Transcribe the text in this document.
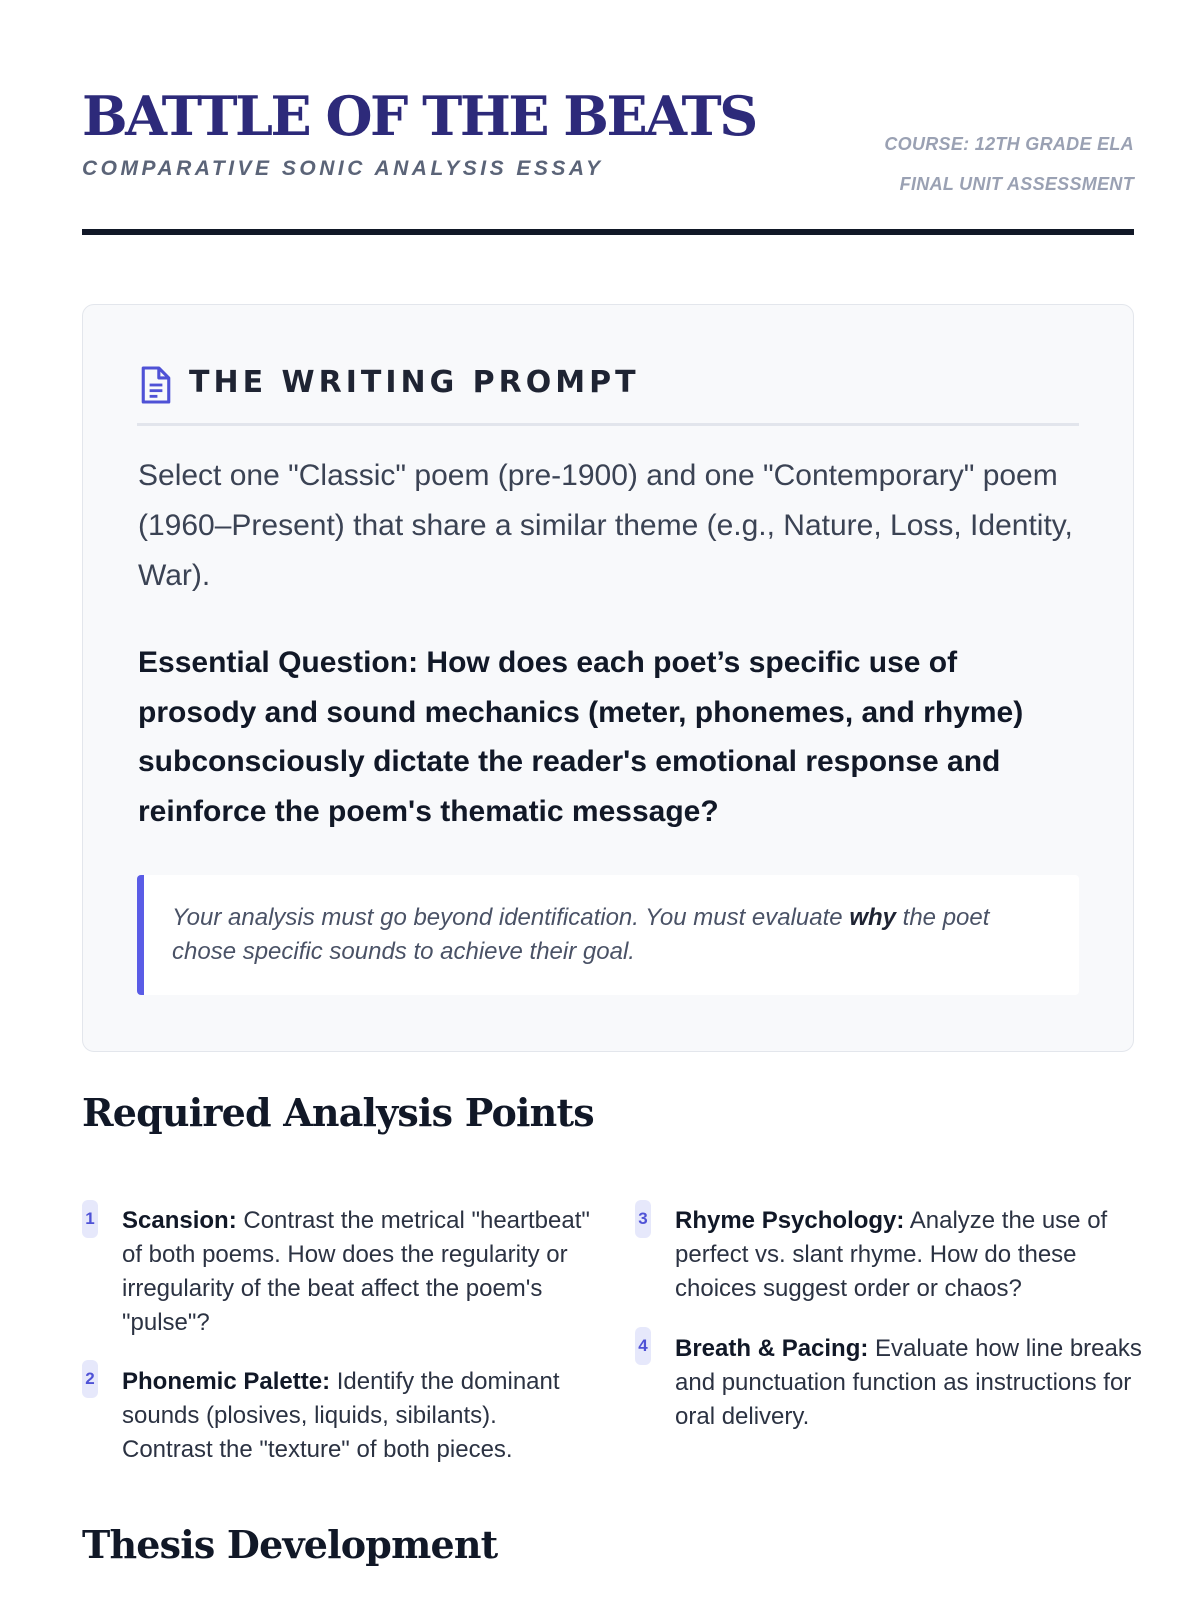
BATTLE OF THE BEATS
COMPARATIVE SONIC ANALYSIS ESSAY
COURSE: 12TH GRADE ELA
FINAL UNIT ASSESSMENT
THE WRITING PROMPT
Select one "Classic" poem (pre-1900) and one "Contemporary" poem (1960–Present) that share a similar theme (e.g., Nature, Loss, Identity, War).
Essential Question: How does each poet’s specific use of prosody and sound mechanics (meter, phonemes, and rhyme) subconsciously dictate the reader's emotional response and reinforce the poem's thematic message?
Your analysis must go beyond identification. You must evaluate why the poet chose specific sounds to achieve their goal.
Required Analysis Points
1 Scansion: Contrast the metrical "heartbeat" of both poems. How does the regularity or irregularity of the beat affect the poem's "pulse"?
2 Phonemic Palette: Identify the dominant sounds (plosives, liquids, sibilants). Contrast the "texture" of both pieces.
3 Rhyme Psychology: Analyze the use of perfect vs. slant rhyme. How do these choices suggest order or chaos?
4 Breath & Pacing: Evaluate how line breaks and punctuation function as instructions for oral delivery.
Thesis Development
